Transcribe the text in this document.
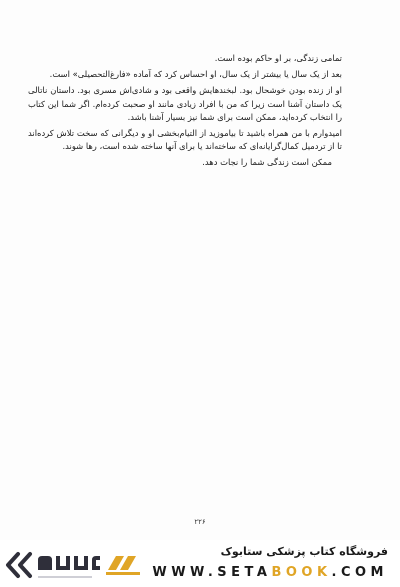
تمامی زندگی، بر او حاکم بوده است.

بعد از یک سال یا بیشتر از یک سال، او احساس کرد که آماده «فارغ‌التحصیلی» است.

او از زنده بودن خوشحال بود. لبخندهایش واقعی بود و شادی‌اش مسری بود. داستان ناتالی یک داستان آشنا است زیرا که من با افراد زیادی مانند او صحبت کرده‌ام. اگر شما این کتاب را انتخاب کرده‌اید، ممکن است برای شما نیز بسیار آشنا باشد.

امیدوارم با من همراه باشید تا بیاموزید از التیام‌بخشی او و دیگرانی که سخت تلاش کرده‌اند تا از تردمیل کمال‌گرایانه‌ای که ساخته‌اند یا برای آنها ساخته شده است، رها شوند.

ممکن است زندگی شما را نجات دهد.

۲۲۶
فروشگاه کتاب پزشکی ستابوک
WWW.SETABOOK.COM
